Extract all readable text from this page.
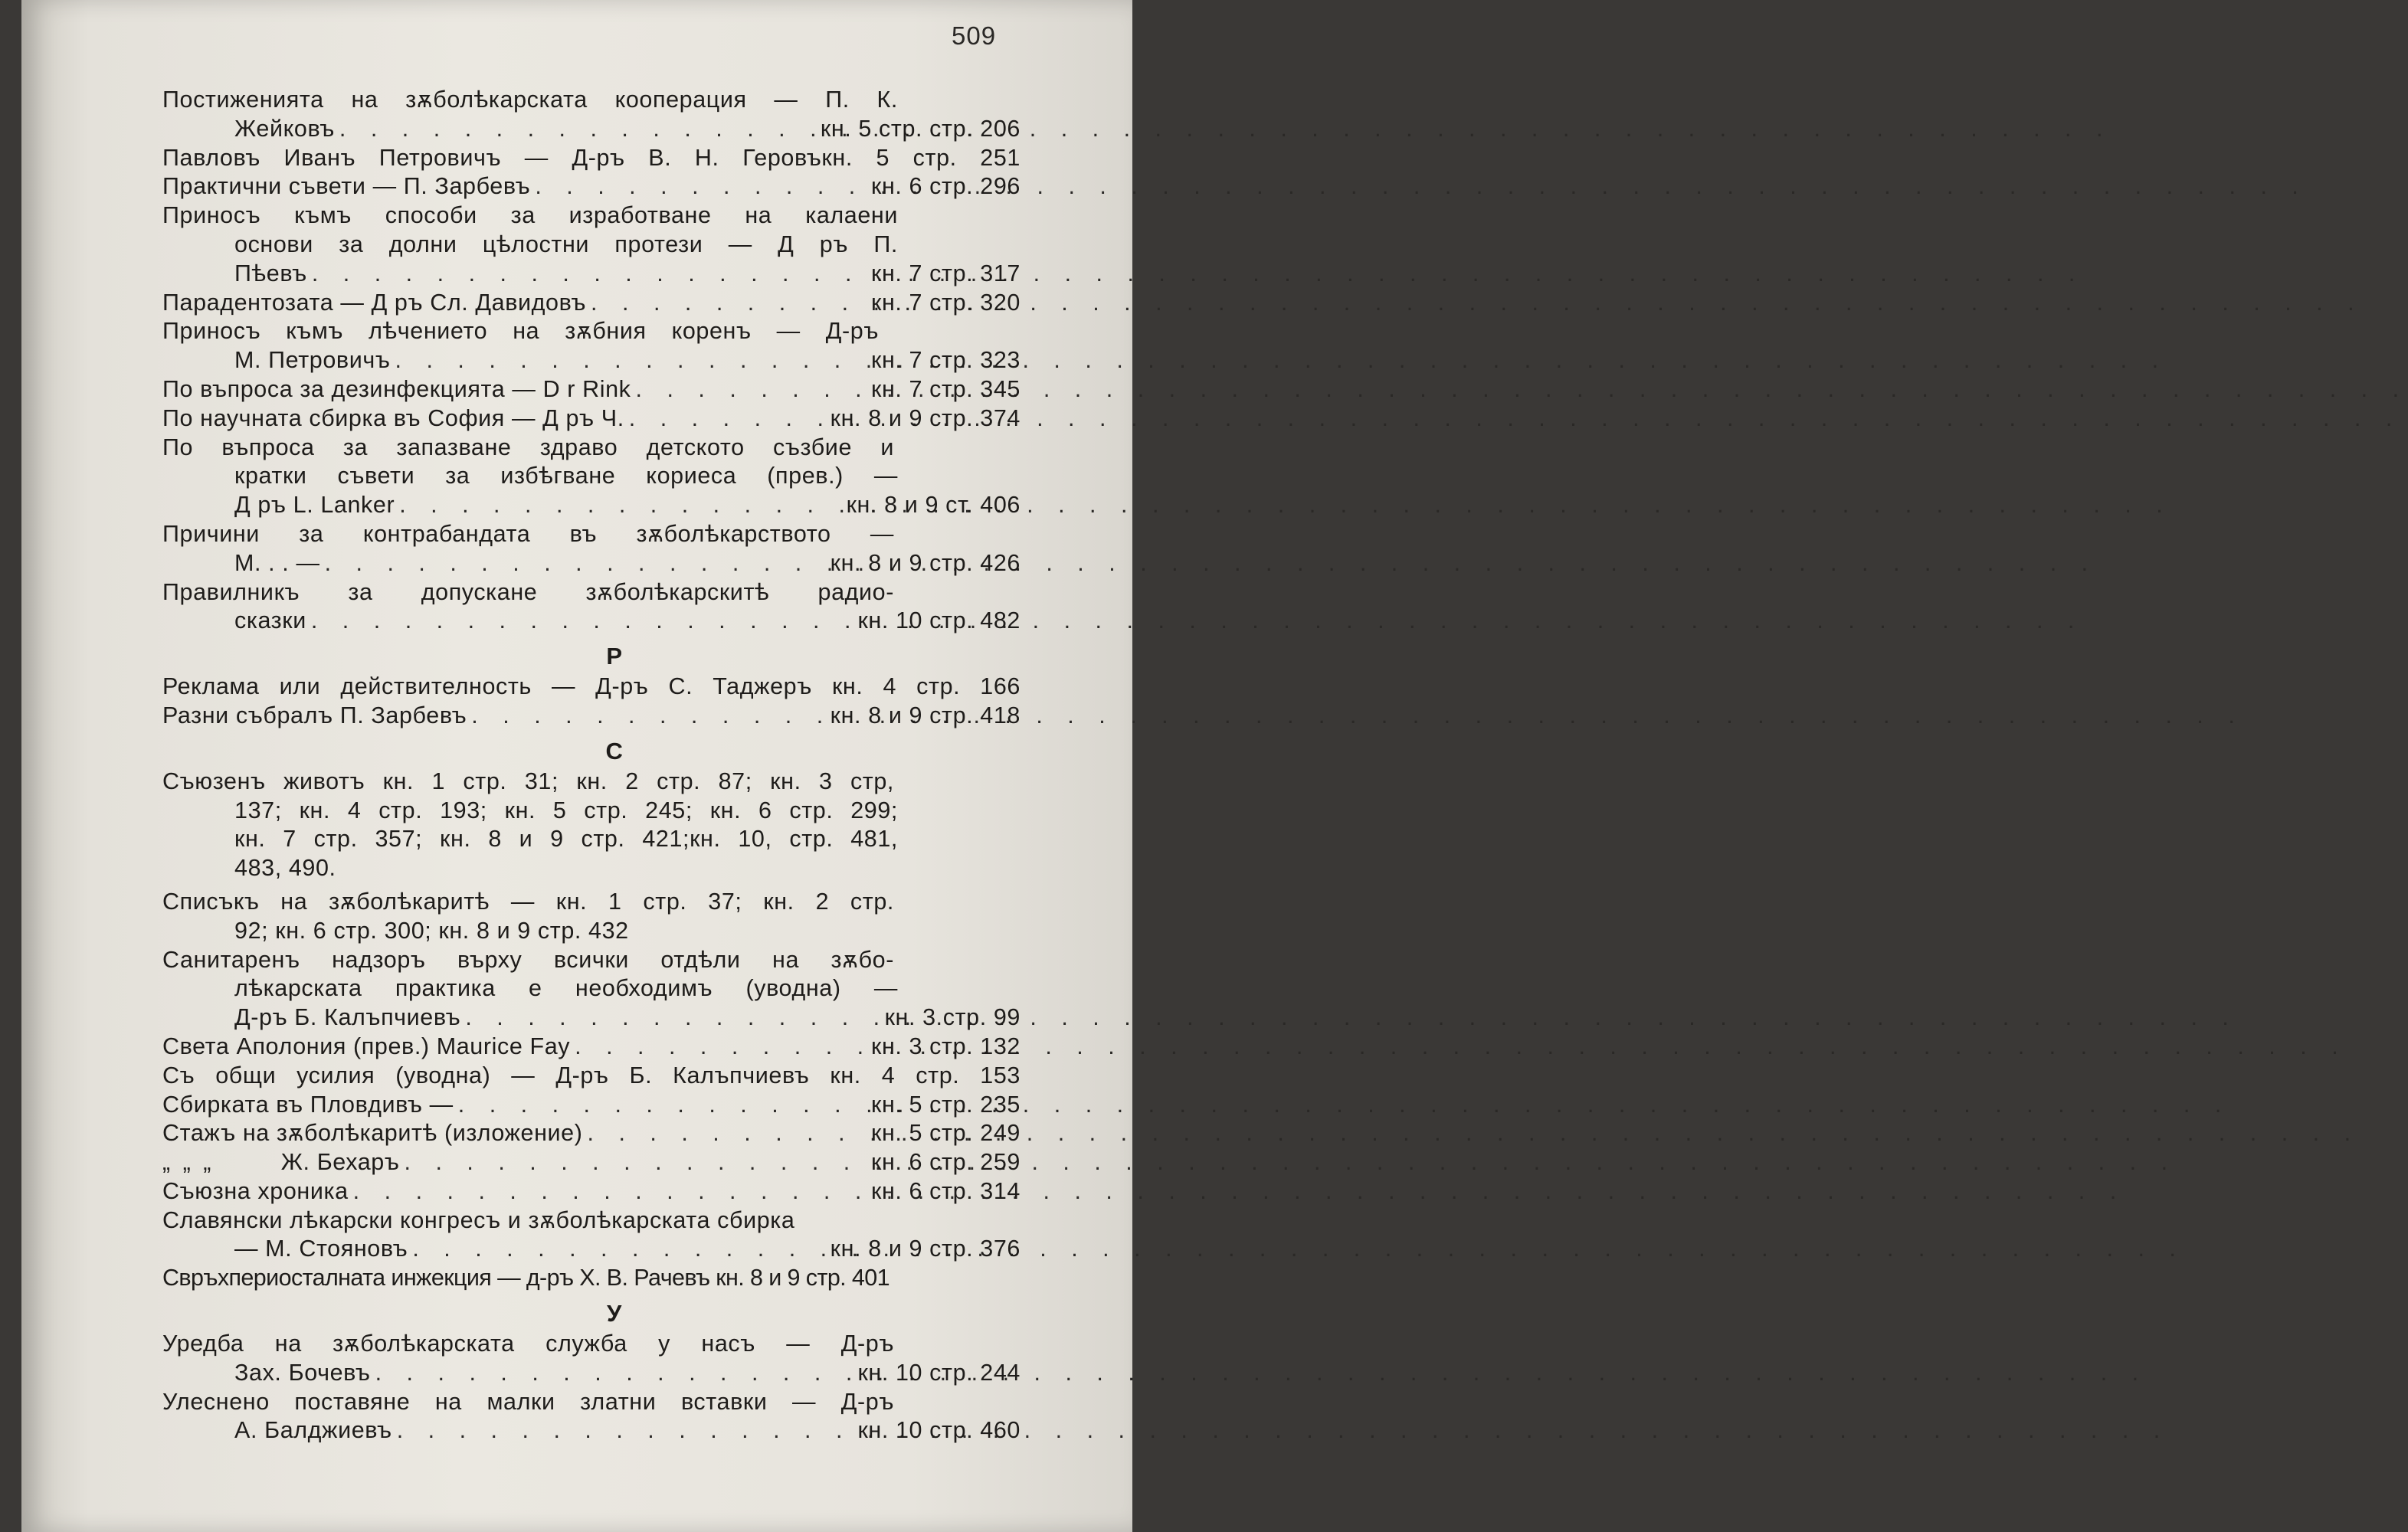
509
Постиженията на зѫболѣкарската кооперация — П. К.
Жейковъ . . .	кн. 5 стр. стр. 206
Павловъ Иванъ Петровичъ — Д-ръ В. Н. Геровъкн. 5 стр. 251
Практични съвети — П. Зарбевъ . . .	кн. 6 стр. 296
Приносъ къмъ способи за изработване на калаени
основи за долни цѣлостни протези — Д ръ П.
Пѣевъ . . .	кн. 7 стр. 317
Парадентозата — Д ръ Сл. Давидовъ . . .	кн. 7 стр. 320
Приносъ къмъ лѣчението на зѫбния коренъ — Д-ръ
М. Петровичъ . . .	кн. 7 стр. 323
По въпроса за дезинфекцията — D r Rink . . .	кн. 7 стр. 345
По научната сбирка въ София — Д ръ Ч. . . .	кн. 8 и 9 стр. 374
По въпроса за запазване здраво детското съзбие и
кратки съвети за избѣгване кориеса (прев.) —
Д ръ L. Lanker . . .	кн. 8 и 9 ст. 406
Причини за контрабандата въ зѫболѣкарството —
М. . . — . . .	кн. 8 и 9 стр. 426
Правилникъ за допускане зѫболѣкарскитѣ радио-
сказки . . .	кн. 10 стр. 482
Р
Реклама или действителность — Д-ръ С. Таджеръ кн. 4 стр. 166
Разни събралъ П. Зарбевъ . . .	кн. 8 и 9 стр. 418
С
Съюзенъ животъ кн. 1 стр. 31; кн. 2 стр. 87; кн. 3 стр,
137; кн. 4 стр. 193; кн. 5 стр. 245; кн. 6 стр. 299;
кн. 7 стр. 357; кн. 8 и 9 стр. 421;кн. 10, стр. 481,
483, 490.
Списъкъ на зѫболѣкаритѣ — кн. 1 стр. 37; кн. 2 стр.
92; кн. 6 стр. 300; кн. 8 и 9 стр. 432
Санитаренъ надзоръ върху всички отдѣли на зѫбо-
лѣкарската практика е необходимъ (уводна) —
Д-ръ Б. Калъпчиевъ . . .	кн. 3 стр. 99
Света Аполония (прев.) Maurice Fay . . .	кн. 3 стр. 132
Съ общи усилия (уводна) — Д-ръ Б. Калъпчиевъ кн. 4 стр. 153
Сбирката въ Пловдивъ — . . .	кн. 5 стр. 235
Стажъ на зѫболѣкаритѣ (изложение) . . .	кн. 5 стр. 249
„ „ „	Ж. Бехаръ . . .	кн. 6 стр. 259
Съюзна хроника . . .	кн. 6 стр. 314
Славянски лѣкарски конгресъ и зѫболѣкарската сбирка
— М. Стояновъ . . .	кн. 8 и 9 стр. 376
Свръхпериосталната инжекция — д-ръ Х. В. Рачевъ кн. 8 и 9 стр. 401
У
Уредба на зѫболѣкарската служба у насъ — Д-ръ
Зах. Бочевъ . . .	кн. 10 стр. 244
Улеснено поставяне на малки златни вставки — Д-ръ
А. Балджиевъ . . .	кн. 10 стр. 460
